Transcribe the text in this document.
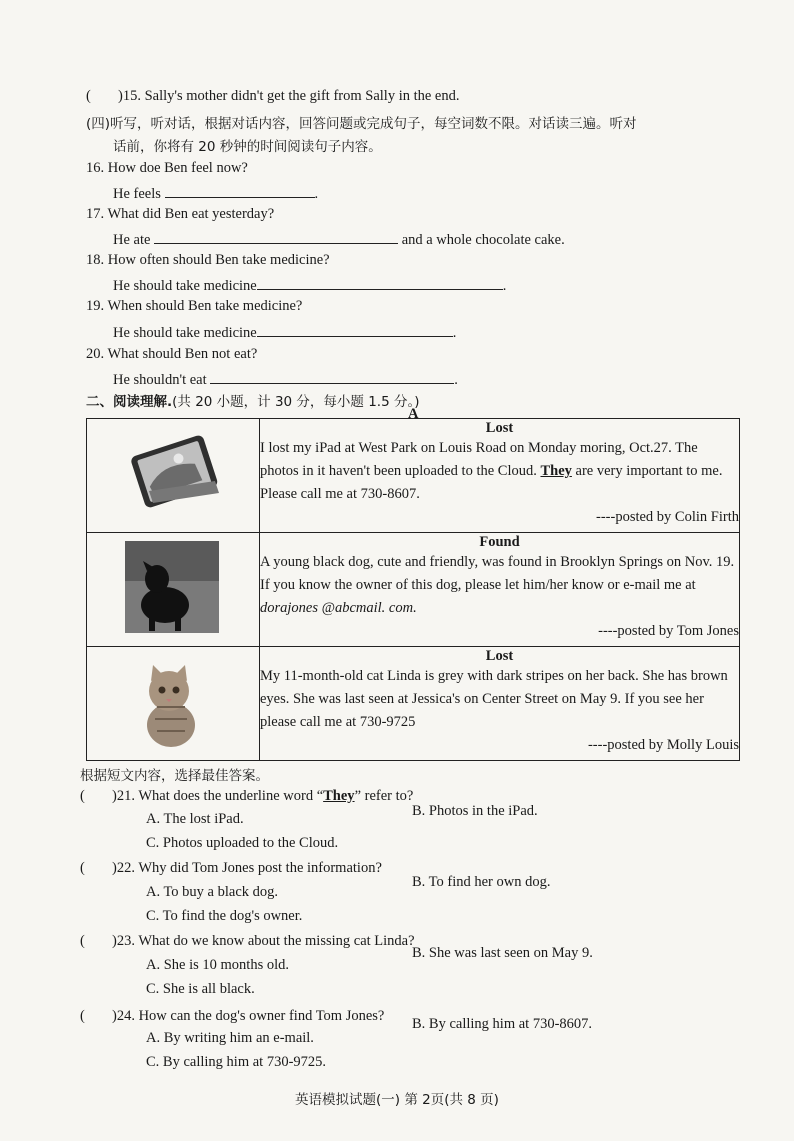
( )15. Sally's mother didn't get the gift from Sally in the end.
(四)听写，听对话，根据对话内容，回答问题或完成句子，每空词数不限。对话读三遍。听对
话前，你将有 20 秒钟的时间阅读句子内容。
16. How doe Ben feel now?
He feels	.
17. What did Ben eat yesterday?
He ate	and a whole chocolate cake.
18. How often should Ben take medicine?
He should take medicine	.
19. When should Ben take medicine?
He should take medicine	.
20. What should Ben not eat?
He shouldn't eat	.
二、阅读理解.(共 20 小题，计 30 分，每小题 1.5 分。)
A

Lost
I lost my iPad at West Park on Louis Road on Monday moring, Oct.27. The photos in it haven't been uploaded to the Cloud. They are very important to me. Please call me at 730-8607.
----posted by Colin Firth

Found
A young black dog, cute and friendly, was found in Brooklyn Springs on Nov. 19. If you know the owner of this dog, please let him/her know or e-mail me at dorajones @abcmail. com.
----posted by Tom Jones

Lost
My 11-month-old cat Linda is grey with dark stripes on her back. She has brown eyes. She was last seen at Jessica's on Center Street on May 9. If you see her please call me at 730-9725
----posted by Molly Louis
根据短文内容，选择最佳答案。
( )21. What does the underline word “They” refer to?
A. The lost iPad.	B. Photos in the iPad.
C. Photos uploaded to the Cloud.
( )22. Why did Tom Jones post the information?
A. To buy a black dog.
B. To find her own dog.
C. To find the dog's owner.
( )23. What do we know about the missing cat Linda?
A. She is 10 months old.
B. She was last seen on May 9.
C. She is all black.
( )24. How can the dog's owner find Tom Jones?
A. By writing him an e-mail.
B. By calling him at 730-8607.
C. By calling him at 730-9725.
英语模拟试题(一) 第 2页(共 8 页)
